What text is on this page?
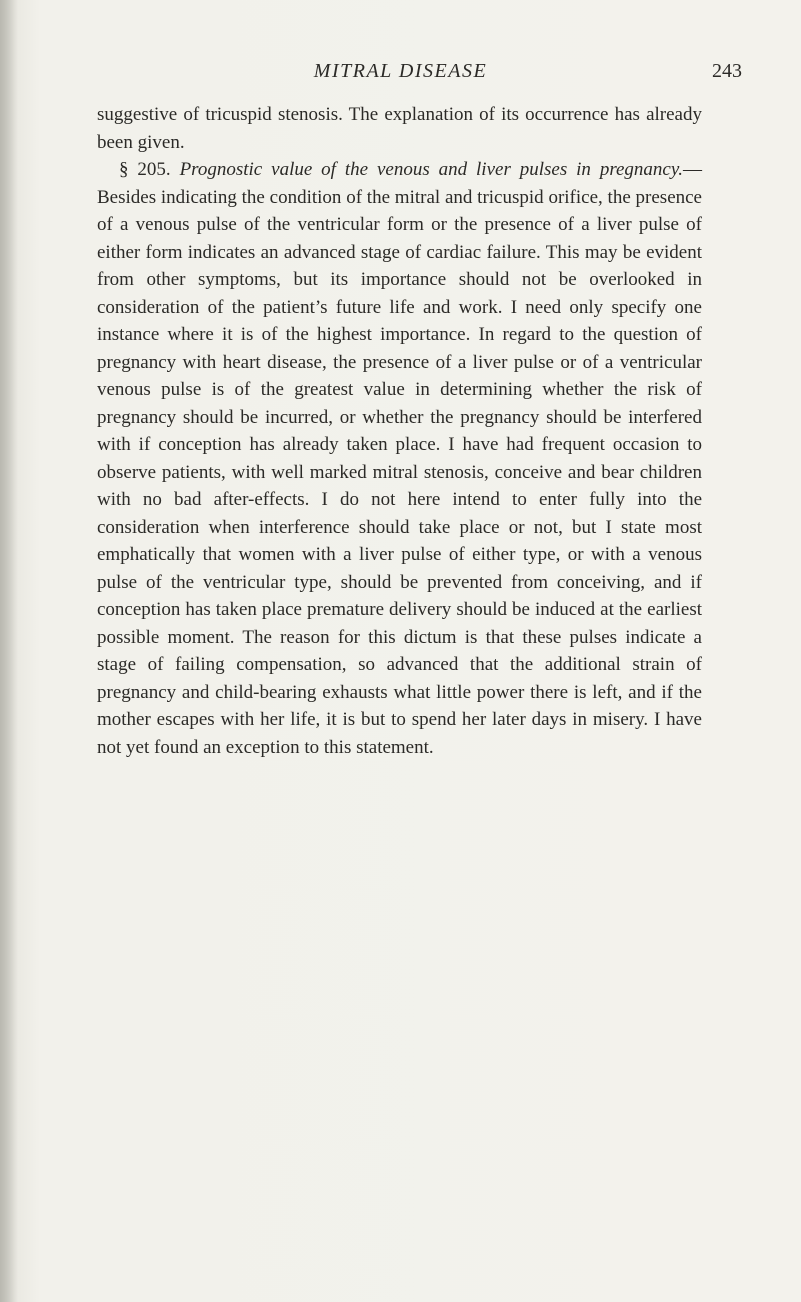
MITRAL DISEASE	243

suggestive of tricuspid stenosis. The explanation of its occurrence has already been given.

§ 205. Prognostic value of the venous and liver pulses in pregnancy.—Besides indicating the condition of the mitral and tricuspid orifice, the presence of a venous pulse of the ventricular form or the presence of a liver pulse of either form indicates an advanced stage of cardiac failure. This may be evident from other symptoms, but its importance should not be overlooked in consideration of the patient’s future life and work. I need only specify one instance where it is of the highest importance. In regard to the question of pregnancy with heart disease, the presence of a liver pulse or of a ventricular venous pulse is of the greatest value in determining whether the risk of pregnancy should be incurred, or whether the pregnancy should be interfered with if conception has already taken place. I have had frequent occasion to observe patients, with well marked mitral stenosis, conceive and bear children with no bad after-effects. I do not here intend to enter fully into the consideration when interference should take place or not, but I state most emphatically that women with a liver pulse of either type, or with a venous pulse of the ventricular type, should be prevented from conceiving, and if conception has taken place premature delivery should be induced at the earliest possible moment. The reason for this dictum is that these pulses indicate a stage of failing compensation, so advanced that the additional strain of pregnancy and child-bearing exhausts what little power there is left, and if the mother escapes with her life, it is but to spend her later days in misery. I have not yet found an exception to this statement.
